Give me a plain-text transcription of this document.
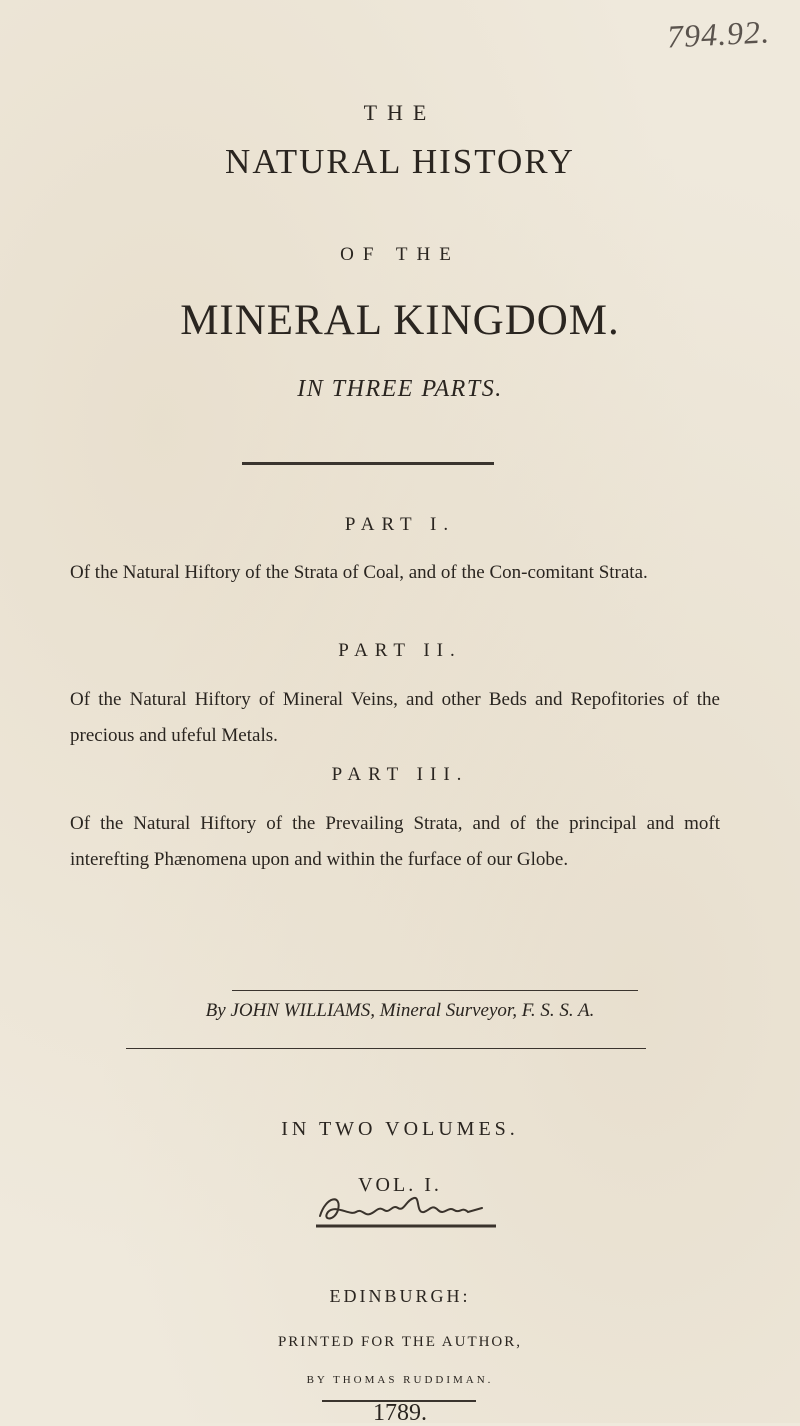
794.92.
THE
NATURAL HISTORY
OF THE
MINERAL KINGDOM.
IN THREE PARTS.
PART I.
Of the Natural Hiftory of the Strata of Coal, and of the Con-comitant Strata.
PART II.
Of the Natural Hiftory of Mineral Veins, and other Beds and Repofitories of the precious and ufeful Metals.
PART III.
Of the Natural Hiftory of the Prevailing Strata, and of the principal and moft interefting Phænomena upon and within the furface of our Globe.
By JOHN WILLIAMS, Mineral Surveyor, F. S. S. A.
IN TWO VOLUMES.
VOL. I.
EDINBURGH:
PRINTED FOR THE AUTHOR,
BY THOMAS RUDDIMAN.
1789.
